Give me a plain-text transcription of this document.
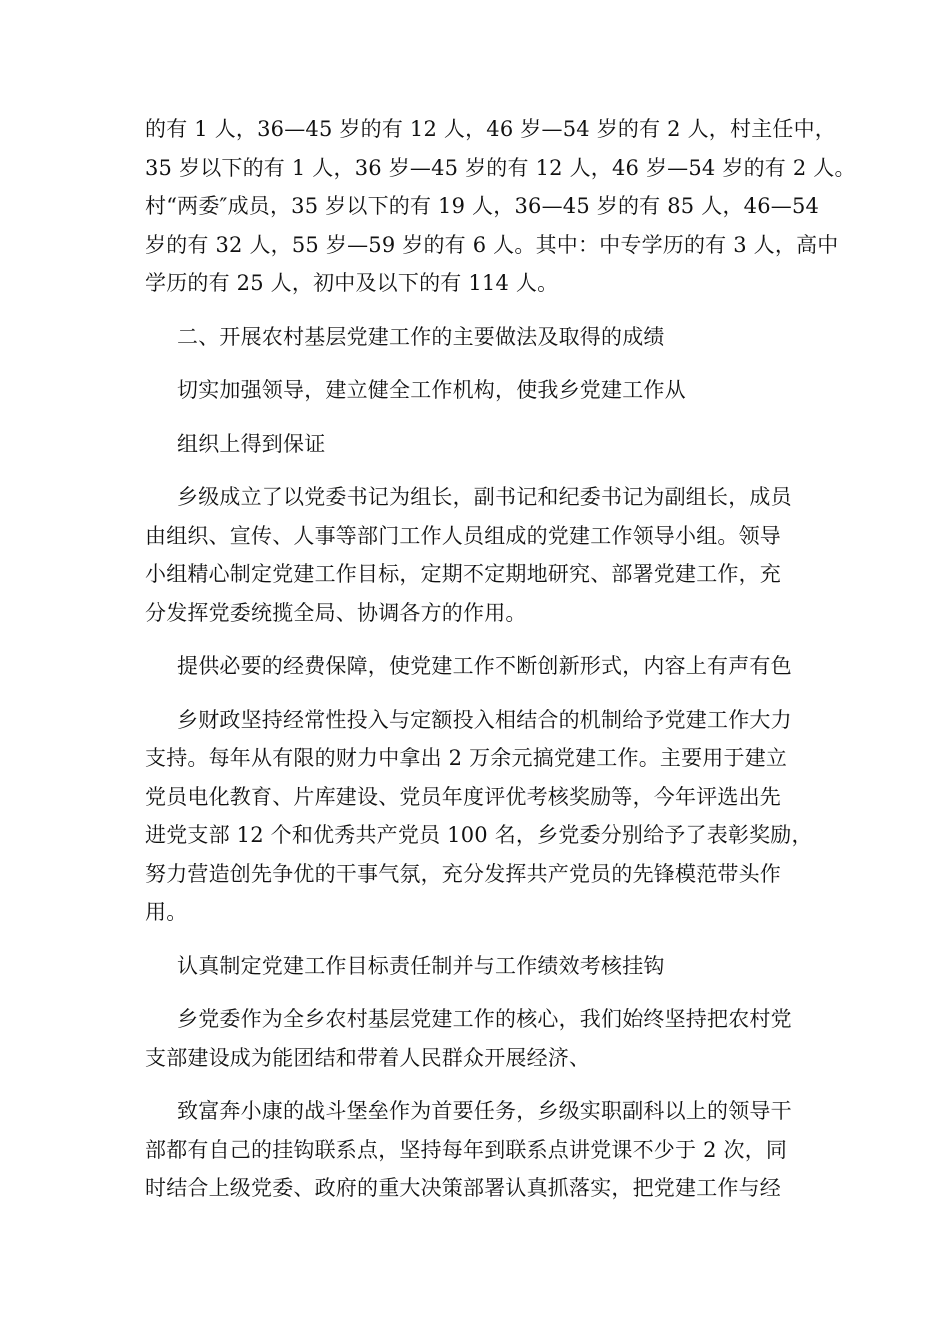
的有 1 人，36—45 岁的有 12 人，46 岁—54 岁的有 2 人，村主任中，
35 岁以下的有 1 人，36 岁—45 岁的有 12 人，46 岁—54 岁的有 2 人。
村“两委″成员，35 岁以下的有 19 人，36—45 岁的有 85 人，46—54
岁的有 32 人，55 岁—59 岁的有 6 人。其中：中专学历的有 3 人，高中
学历的有 25 人，初中及以下的有 114 人。
二、开展农村基层党建工作的主要做法及取得的成绩
切实加强领导，建立健全工作机构，使我乡党建工作从
组织上得到保证
乡级成立了以党委书记为组长，副书记和纪委书记为副组长，成员
由组织、宣传、人事等部门工作人员组成的党建工作领导小组。领导
小组精心制定党建工作目标，定期不定期地研究、部署党建工作，充
分发挥党委统揽全局、协调各方的作用。
提供必要的经费保障，使党建工作不断创新形式，内容上有声有色
乡财政坚持经常性投入与定额投入相结合的机制给予党建工作大力
支持。每年从有限的财力中拿出 2 万余元搞党建工作。主要用于建立
党员电化教育、片库建设、党员年度评优考核奖励等，今年评选出先
进党支部 12 个和优秀共产党员 100 名，乡党委分别给予了表彰奖励，
努力营造创先争优的干事气氛，充分发挥共产党员的先锋模范带头作
用。
认真制定党建工作目标责任制并与工作绩效考核挂钩
乡党委作为全乡农村基层党建工作的核心，我们始终坚持把农村党
支部建设成为能团结和带着人民群众开展经济、
致富奔小康的战斗堡垒作为首要任务，乡级实职副科以上的领导干
部都有自己的挂钩联系点，坚持每年到联系点讲党课不少于 2 次，同
时结合上级党委、政府的重大决策部署认真抓落实，把党建工作与经
